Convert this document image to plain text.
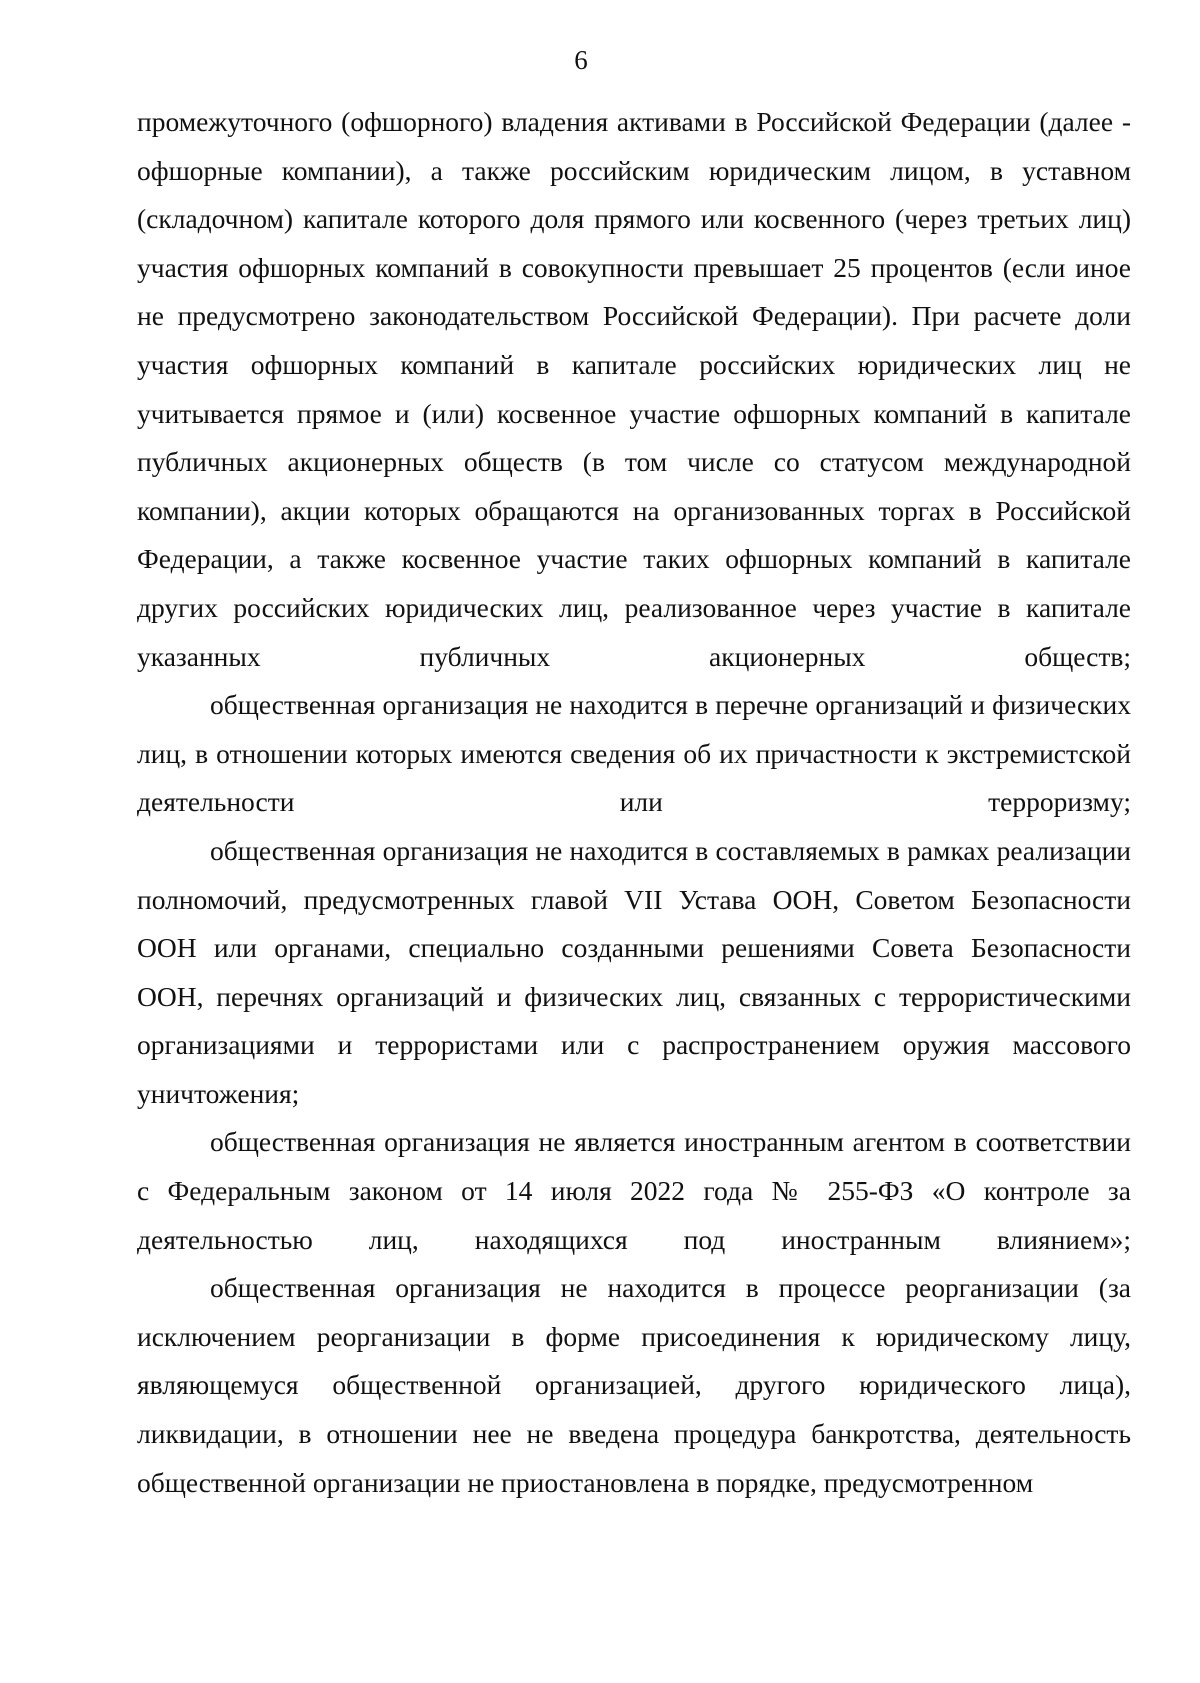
6

промежуточного (офшорного) владения активами в Российской Федерации (далее - офшорные компании), а также российским юридическим лицом, в уставном (складочном) капитале которого доля прямого или косвенного (через третьих лиц) участия офшорных компаний в совокупности превышает 25 процентов (если иное не предусмотрено законодательством Российской Федерации). При расчете доли участия офшорных компаний в капитале российских юридических лиц не учитывается прямое и (или) косвенное участие офшорных компаний в капитале публичных акционерных обществ (в том числе со статусом международной компании), акции которых обращаются на организованных торгах в Российской Федерации, а также косвенное участие таких офшорных компаний в капитале других российских юридических лиц, реализованное через участие в капитале указанных публичных акционерных	обществ;

общественная организация не находится в перечне организаций и физических лиц, в отношении которых имеются сведения об их причастности к экстремистской деятельности или терроризму;

общественная организация не находится в составляемых в рамках реализации полномочий, предусмотренных главой VII Устава ООН, Советом Безопасности ООН или органами, специально созданными решениями Совета Безопасности ООН, перечнях организаций и физических лиц, связанных с террористическими организациями и террористами или с распространением оружия массового уничтожения;

общественная организация не является иностранным агентом в соответствии с Федеральным законом от 14 июля 2022 года № 255-ФЗ «О контроле за деятельностью лиц, находящихся под иностранным влиянием»;

общественная организация не находится в процессе реорганизации (за исключением реорганизации в форме присоединения к юридическому лицу, являющемуся общественной организацией, другого юридического лица), ликвидации, в отношении нее не введена процедура банкротства, деятельность общественной организации не приостановлена в порядке, предусмотренном
